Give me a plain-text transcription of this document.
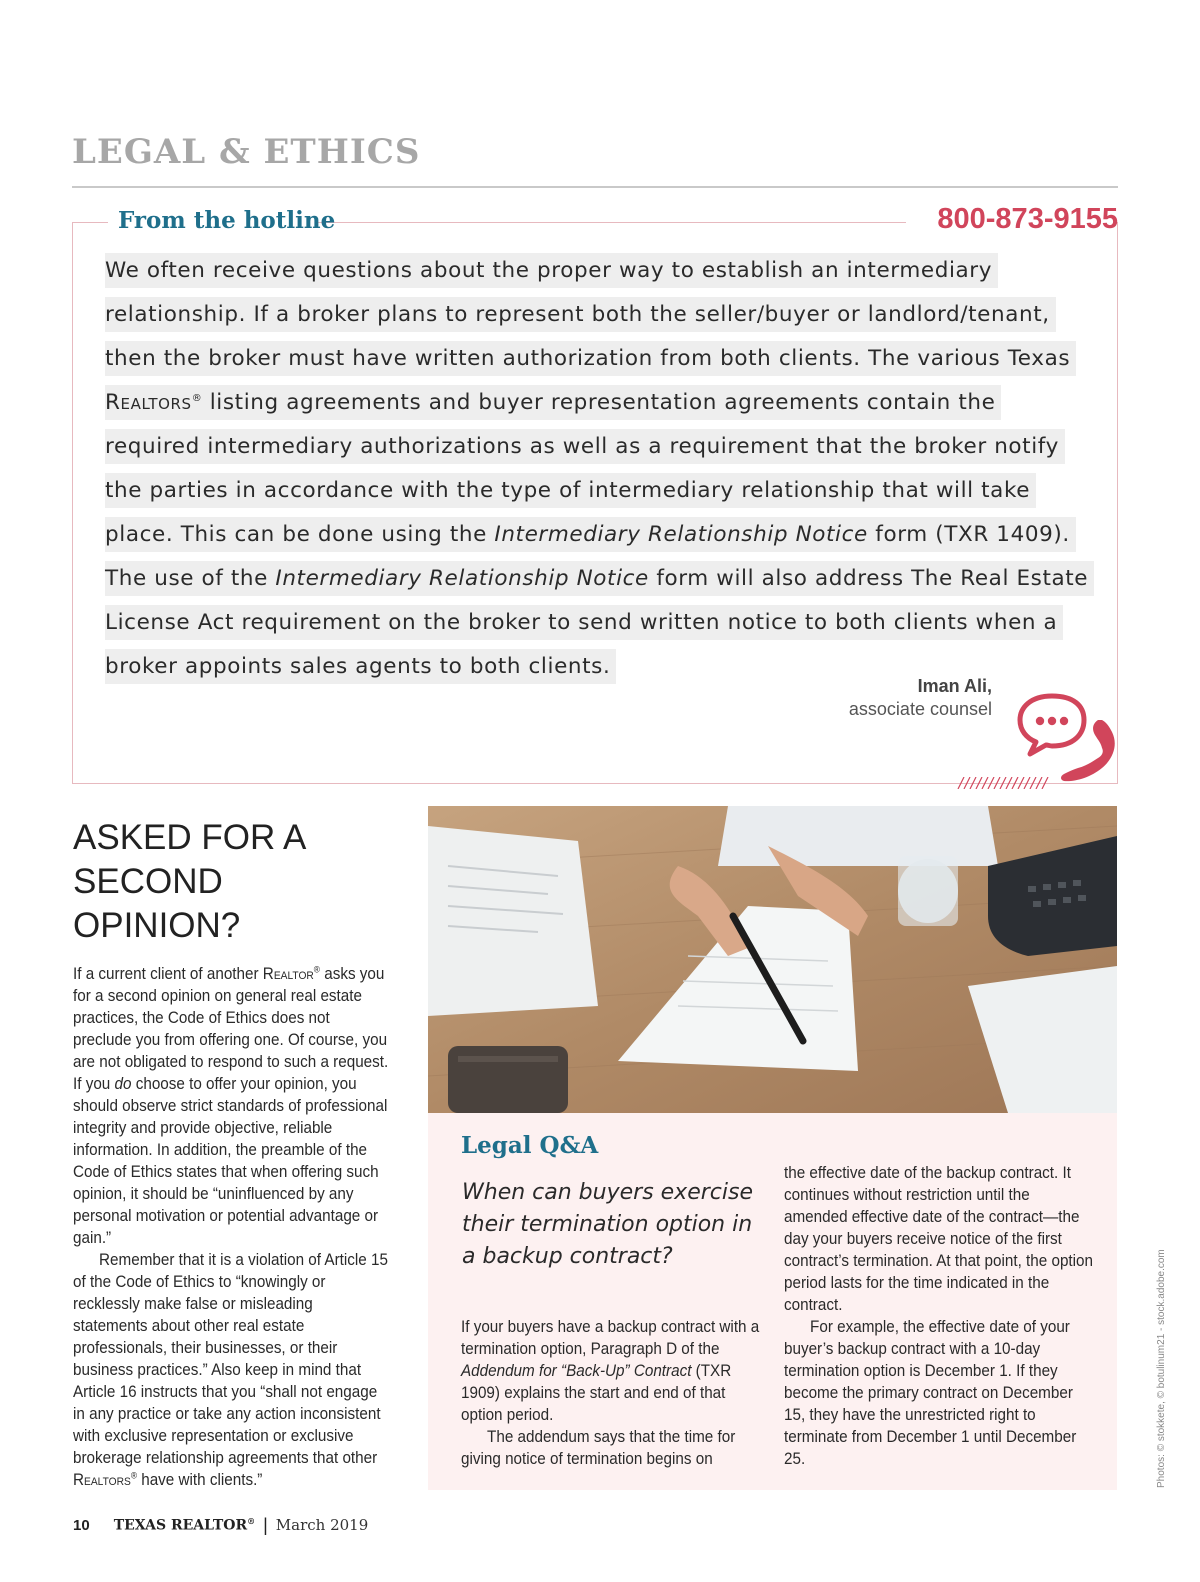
LEGAL & ETHICS
From the hotline	800-873-9155
We often receive questions about the proper way to establish an intermediary relationship. If a broker plans to represent both the seller/buyer or landlord/tenant, then the broker must have written authorization from both clients. The various Texas Realtors® listing agreements and buyer representation agreements contain the required intermediary authorizations as well as a requirement that the broker notify the parties in accordance with the type of intermediary relationship that will take place. This can be done using the Intermediary Relationship Notice form (TXR 1409). The use of the Intermediary Relationship Notice form will also address The Real Estate License Act requirement on the broker to send written notice to both clients when a broker appoints sales agents to both clients.
Iman Ali,
associate counsel
ASKED FOR A SECOND OPINION?

If a current client of another Realtor® asks you for a second opinion on general real estate practices, the Code of Ethics does not preclude you from offering one. Of course, you are not obligated to respond to such a request. If you do choose to offer your opinion, you should observe strict standards of professional integrity and provide objective, reliable information. In addition, the preamble of the Code of Ethics states that when offering such opinion, it should be “uninfluenced by any personal motivation or potential advantage or gain.”

Remember that it is a violation of Article 15 of the Code of Ethics to “knowingly or recklessly make false or misleading statements about other real estate professionals, their businesses, or their business practices.” Also keep in mind that Article 16 instructs that you “shall not engage in any practice or take any action inconsistent with exclusive representation or exclusive brokerage relationship agreements that other Realtors® have with clients.”

Legal Q&A
When can buyers exercise their termination option in a backup contract?

If your buyers have a backup contract with a termination option, Paragraph D of the Addendum for “Back-Up” Contract (TXR 1909) explains the start and end of that option period.

The addendum says that the time for giving notice of termination begins on

the effective date of the backup contract. It continues without restriction until the amended effective date of the contract—the day your buyers receive notice of the first contract’s termination. At that point, the option period lasts for the time indicated in the contract.

For example, the effective date of your buyer’s backup contract with a 10-day termination option is December 1. If they become the primary contract on December 15, they have the unrestricted right to terminate from December 1 until December 25.	Photos: © stokkete, © botulinum21 - stock.adobe.com
10 TEXAS REALTOR® | March 2019
